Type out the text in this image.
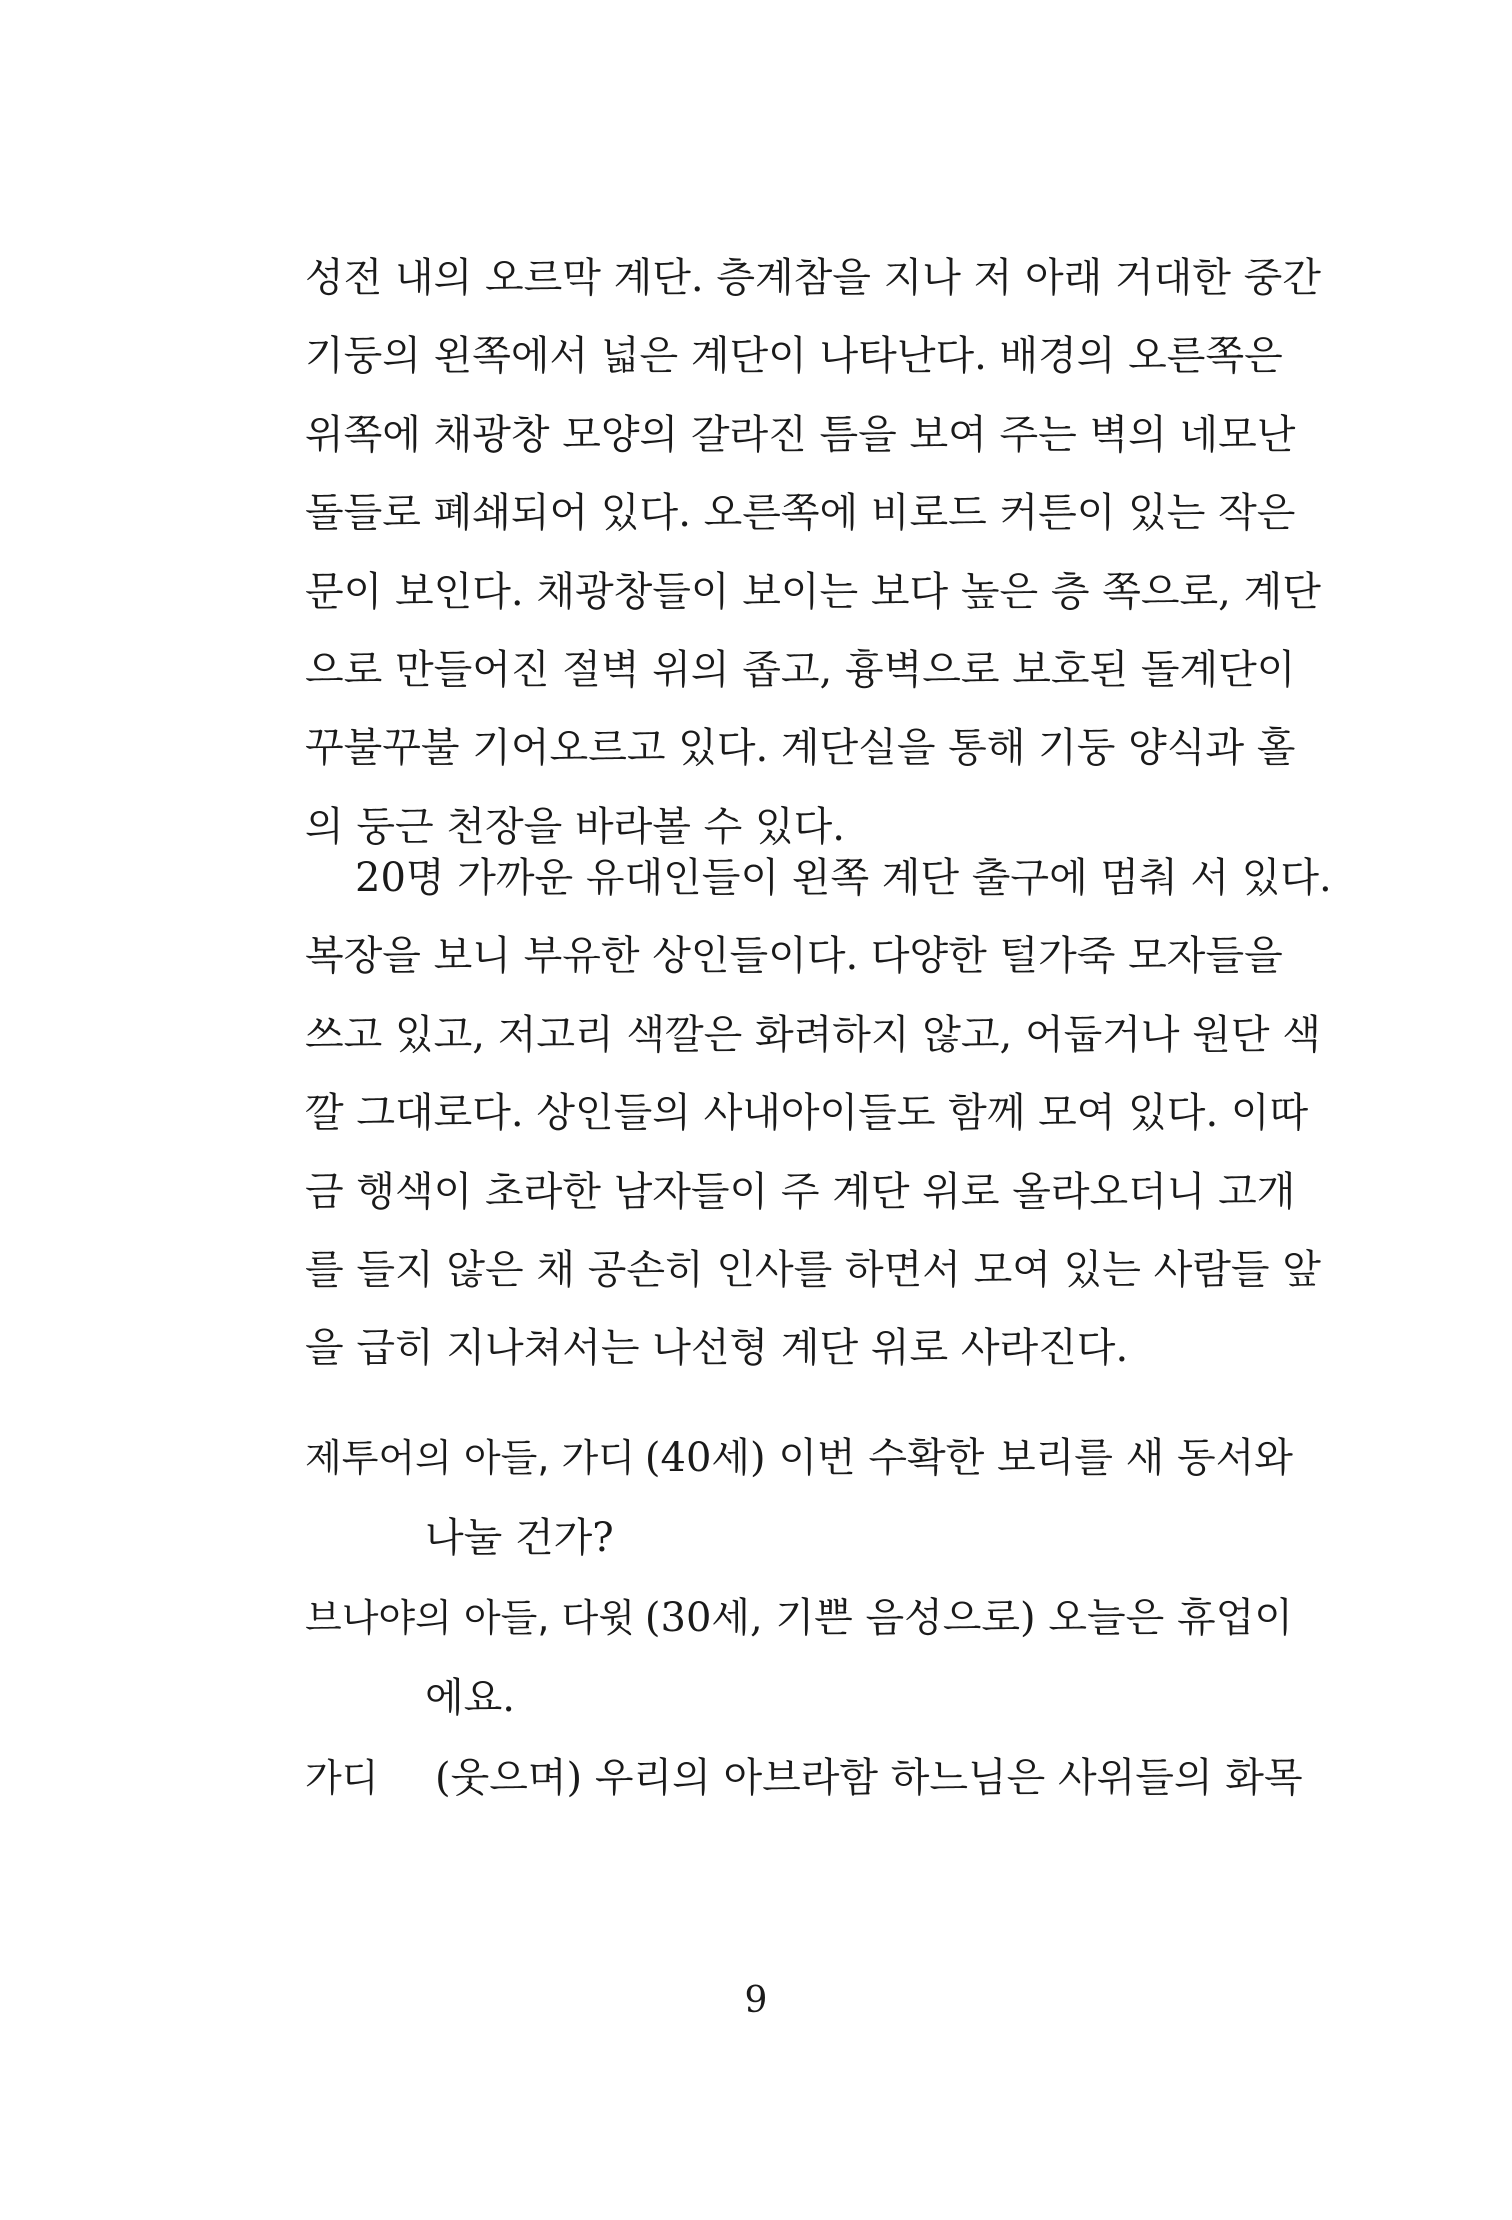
성전 내의 오르막 계단. 층계참을 지나 저 아래 거대한 중간
기둥의 왼쪽에서 넓은 계단이 나타난다. 배경의 오른쪽은
위쪽에 채광창 모양의 갈라진 틈을 보여 주는 벽의 네모난
돌들로 폐쇄되어 있다. 오른쪽에 비로드 커튼이 있는 작은
문이 보인다. 채광창들이 보이는 보다 높은 층 쪽으로, 계단
으로 만들어진 절벽 위의 좁고, 흉벽으로 보호된 돌계단이
꾸불꾸불 기어오르고 있다. 계단실을 통해 기둥 양식과 홀
의 둥근 천장을 바라볼 수 있다.
20명 가까운 유대인들이 왼쪽 계단 출구에 멈춰 서 있다.
복장을 보니 부유한 상인들이다. 다양한 털가죽 모자들을
쓰고 있고, 저고리 색깔은 화려하지 않고, 어둡거나 원단 색
깔 그대로다. 상인들의 사내아이들도 함께 모여 있다. 이따
금 행색이 초라한 남자들이 주 계단 위로 올라오더니 고개
를 들지 않은 채 공손히 인사를 하면서 모여 있는 사람들 앞
을 급히 지나쳐서는 나선형 계단 위로 사라진다.
제투어의 아들, 가디 (40세) 이번 수확한 보리를 새 동서와
나눌 건가?
브나야의 아들, 다윗 (30세, 기쁜 음성으로) 오늘은 휴업이
에요.
가디 (웃으며) 우리의 아브라함 하느님은 사위들의 화목
9
